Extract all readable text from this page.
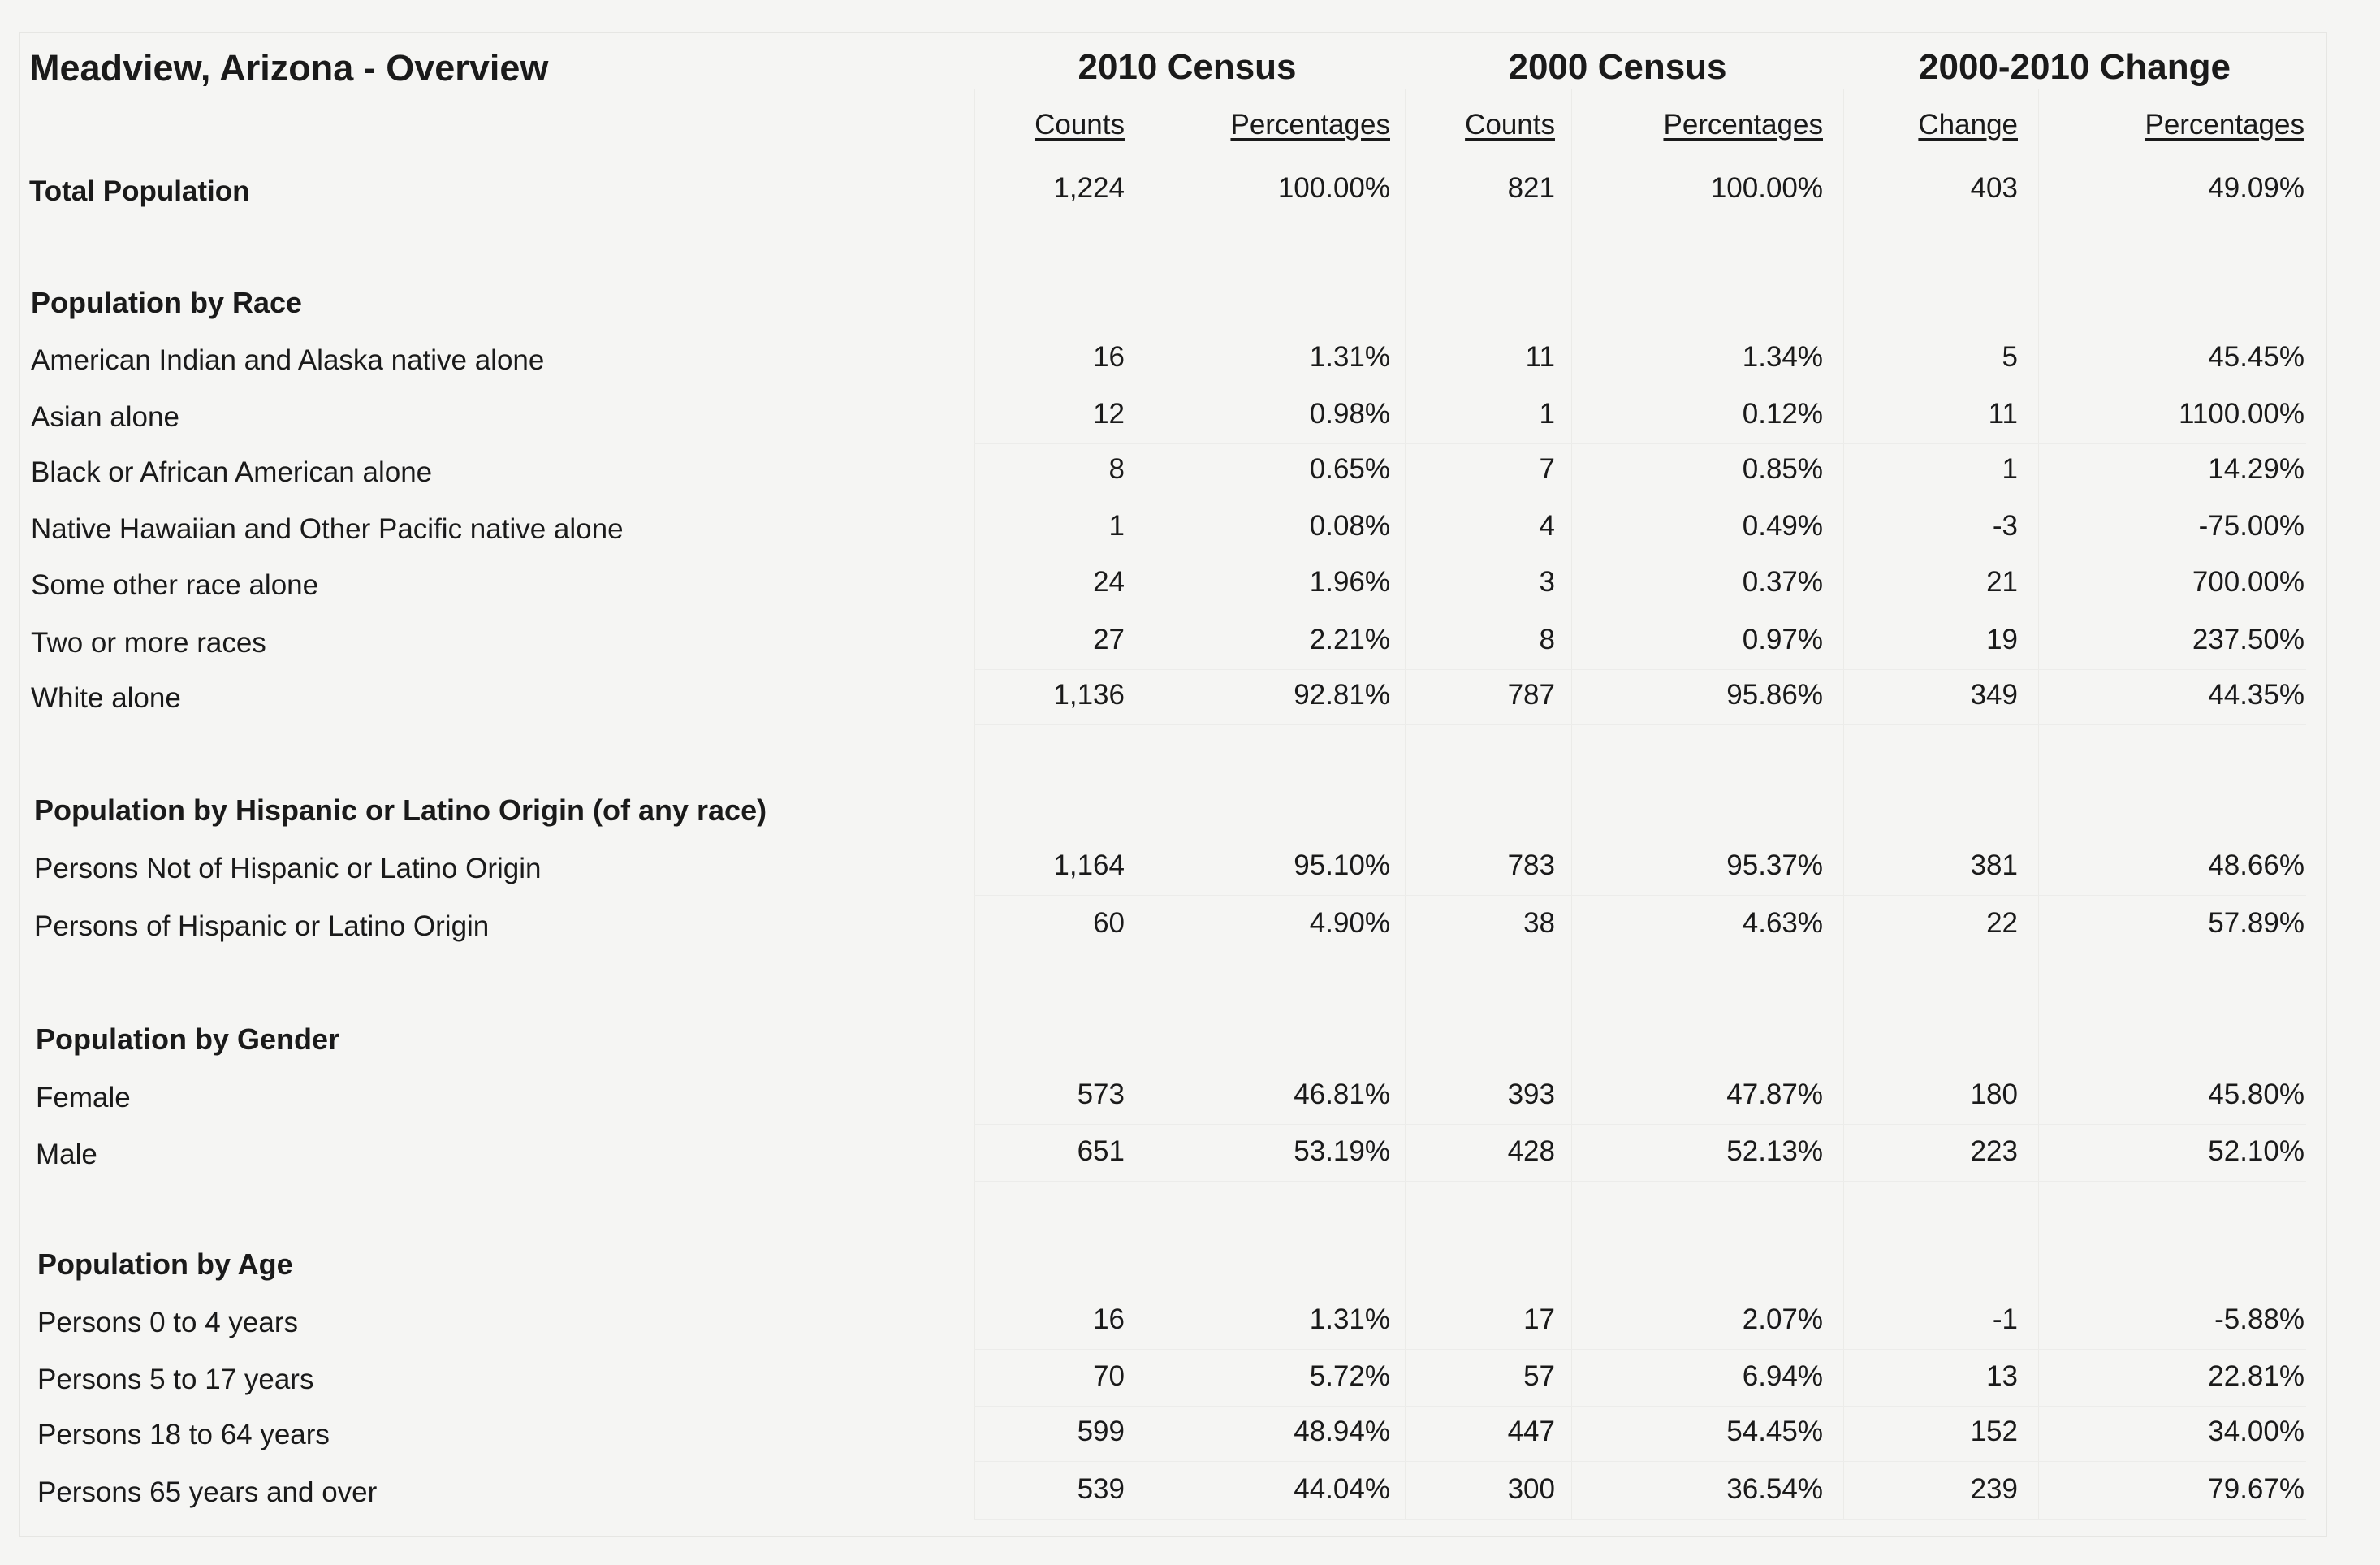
Meadview, Arizona - Overview	2010 Census	2000 Census	2000-2010 Change
Counts	Percentages	Counts	Percentages	Change	Percentages
Total Population	1,224	100.00%	821	100.00%	403	49.09%
Population by Race
American Indian and Alaska native alone	16	1.31%	11	1.34%	5	45.45%
Asian alone	12	0.98%	1	0.12%	11	1100.00%
Black or African American alone	8	0.65%	7	0.85%	1	14.29%
Native Hawaiian and Other Pacific native alone	1	0.08%	4	0.49%	-3	-75.00%
Some other race alone	24	1.96%	3	0.37%	21	700.00%
Two or more races	27	2.21%	8	0.97%	19	237.50%
White alone	1,136	92.81%	787	95.86%	349	44.35%
Population by Hispanic or Latino Origin (of any race)
Persons Not of Hispanic or Latino Origin	1,164	95.10%	783	95.37%	381	48.66%
Persons of Hispanic or Latino Origin	60	4.90%	38	4.63%	22	57.89%
Population by Gender
Female	573	46.81%	393	47.87%	180	45.80%
Male	651	53.19%	428	52.13%	223	52.10%
Population by Age
Persons 0 to 4 years	16	1.31%	17	2.07%	-1	-5.88%
Persons 5 to 17 years	70	5.72%	57	6.94%	13	22.81%
Persons 18 to 64 years	599	48.94%	447	54.45%	152	34.00%
Persons 65 years and over	539	44.04%	300	36.54%	239	79.67%
